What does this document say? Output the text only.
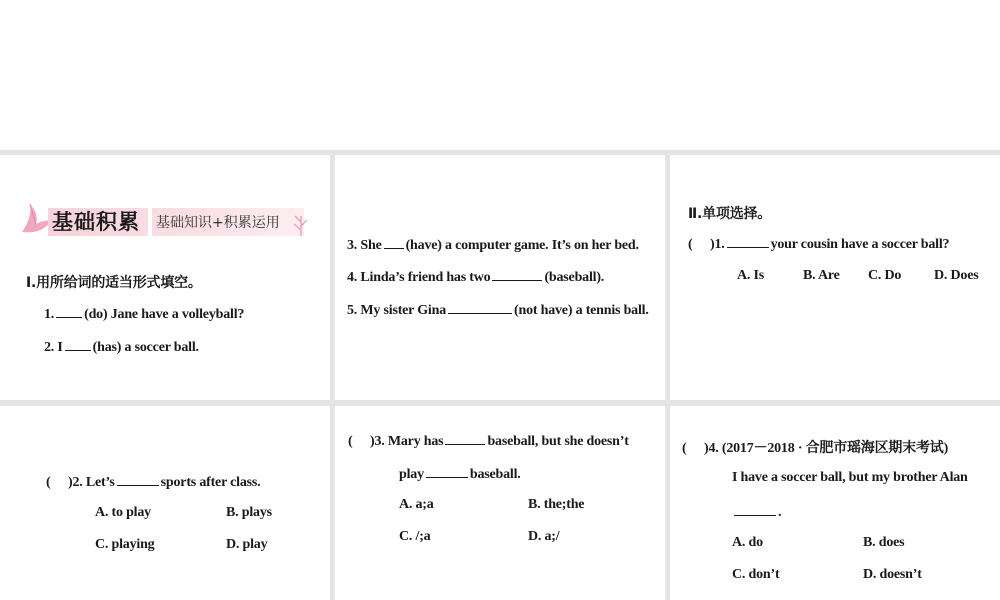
基础积累 基础知识+积累运用
Ⅰ.用所给词的适当形式填空。
1. (do) Jane have a volleyball?
2. I (has) a soccer ball.
3. She (have) a computer game. It’s on her bed.
4. Linda’s friend has two	(baseball).
5. My sister Gina	(not have) a tennis ball.
Ⅱ.单项选择。
( )1.	your cousin have a soccer ball?
A. Is	B. Are C. Do D. Does
( )2. Let’s	sports after class.
A. to play	B. plays
C. playing	D. play
( )3. Mary has	baseball, but she doesn’t
play	baseball.
A. a;a	B. the;the
C. /;a	D. a;/
( )4. (2017－2018 · 合肥市瑶海区期末考试)
I have a soccer ball, but my brother Alan
.
A. do	B. does
C. don’t	D. doesn’t
